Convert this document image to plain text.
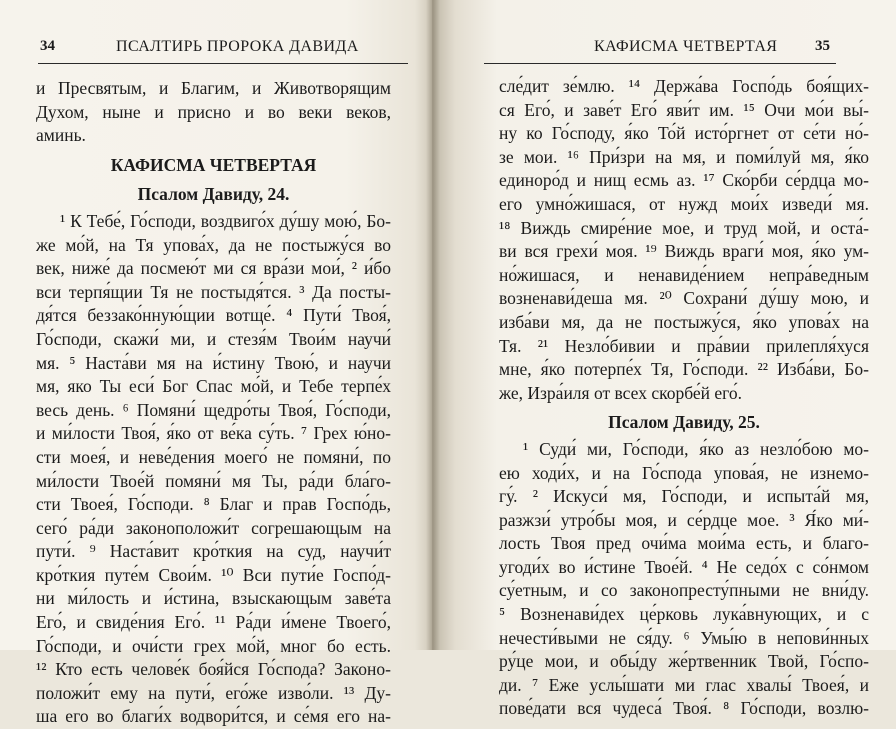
34	ПСАЛТИРЬ ПРОРОКА ДАВИДА
и Пресвятым, и Благим, и Животворящим
Духом, ныне и присно и во веки веков,
аминь.
КАФИСМА ЧЕТВЕРТАЯ
Псалом Давиду, 24.
¹ К Тебе́, Го́споди, воздвиго́х ду́шу мою́, Бо-
же мо́й, на Тя упова́х, да не постыжу́ся во
век, ниже́ да посмею́т ми ся вра́зи мои́, ² и́бо
вси терпя́щии Тя не постыдя́тся. ³ Да посты-
дя́тся беззако́нную́щии вотще́. ⁴ Пути́ Твоя́,
Го́споди, скажи́ ми, и стезя́м Твои́м научи́
мя. ⁵ Наста́ви мя на и́стину Твою́, и научи
мя, яко Ты еси́ Бог Спас мо́й, и Тебе терпе́х
весь день. ⁶ Помяни́ щедро́ты Твоя́, Го́споди,
и ми́лости Твоя́, я́ко от ве́ка су́ть. ⁷ Грех ю́но-
сти моея́, и неве́дения моего́ не помяни́, по
ми́лости Твое́й помяни́ мя Ты, ра́ди бла́го-
сти Твоея́, Го́споди. ⁸ Благ и прав Госпо́дь,
сего́ ра́ди законоположи́т согрешающым на
пути́. ⁹ Наста́вит кро́ткия на суд, научи́т
кро́ткия путе́м Свои́м. ¹⁰ Вси пути́е Госпо́д-
ни ми́лость и и́стина, взыскающым заве́та
Его́, и свиде́ния Его́. ¹¹ Ра́ди и́мене Твоего́,
Го́споди, и очи́сти грех мо́й, мног бо есть.
¹² Кто есть челове́к боя́йся Го́спода? Законо-
положи́т ему на пути́, его́же изво́ли. ¹³ Ду-
ша его во благи́х водвори́тся, и се́мя его на-
КАФИСМА ЧЕТВЕРТАЯ	35
сле́дит зе́млю. ¹⁴ Держа́ва Госпо́дь боя́щих-
ся Его́, и заве́т Его́ яви́т им. ¹⁵ Очи мо́и вы́-
ну ко Го́споду, я́ко То́й исто́ргнет от се́ти но́-
зе мои. ¹⁶ При́зри на мя, и поми́луй мя, я́ко
единоро́д и нищ есмь аз. ¹⁷ Ско́рби се́рдца мо-
его умно́жишася, от нужд мои́х изведи́ мя.
¹⁸ Виждь смире́ние мое, и труд мой, и оста́-
ви вся грехи́ моя. ¹⁹ Виждь враги́ моя, я́ко ум-
но́жишася, и ненавиде́нием непра́ведным
возненави́деша мя. ²⁰ Сохрани́ ду́шу мою, и
изба́ви мя, да не постыжу́ся, я́ко упова́х на
Тя. ²¹ Незло́бивии и пра́вии прилепля́хуся
мне, я́ко потерпе́х Тя, Го́споди. ²² Изба́ви, Бо-
же, Изра́иля от всех скорбе́й его́.
Псалом Давиду, 25.
¹ Суди́ ми, Го́споди, я́ко аз незло́бою мо-
ею ходи́х, и на Го́спода упова́я, не изнемо-
гу́. ² Искуси́ мя, Го́споди, и испыта́й мя,
разжзи́ утро́бы моя, и се́рдце мое. ³ Я́ко ми́-
лость Твоя пред очи́ма мои́ма есть, и благо-
угоди́х во и́стине Твое́й. ⁴ Не седо́х с со́нмом
су́етным, и со законопресту́пными не вни́ду.
⁵ Возненави́дех це́рковь лука́внующих, и с
нечести́выми не ся́ду. ⁶ Умы́ю в непови́нных
ру́це мои, и обы́ду же́ртвенник Твой, Го́спо-
ди. ⁷ Еже услы́шати ми глас хвалы́ Твоея́, и
пове́дати вся чудеса́ Твоя́. ⁸ Го́споди, возлю-
